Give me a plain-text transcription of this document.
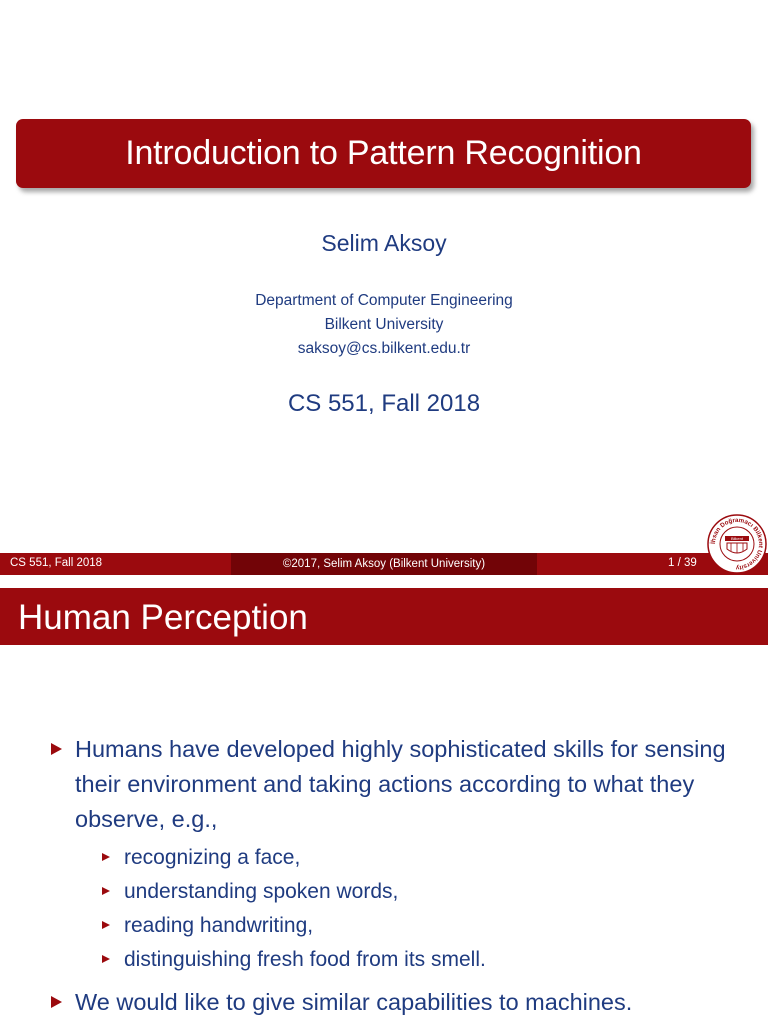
Introduction to Pattern Recognition
Selim Aksoy
Department of Computer Engineering
Bilkent University
saksoy@cs.bilkent.edu.tr
CS 551, Fall 2018
CS 551, Fall 2018	©2017, Selim Aksoy (Bilkent University)	1 / 39
İhsan Doğramacı Bilkent University
Bilkent
Human Perception
Humans have developed highly sophisticated skills for sensing their environment and taking actions according to what they observe, e.g.,
recognizing a face,
understanding spoken words,
reading handwriting,
distinguishing fresh food from its smell.
We would like to give similar capabilities to machines.
